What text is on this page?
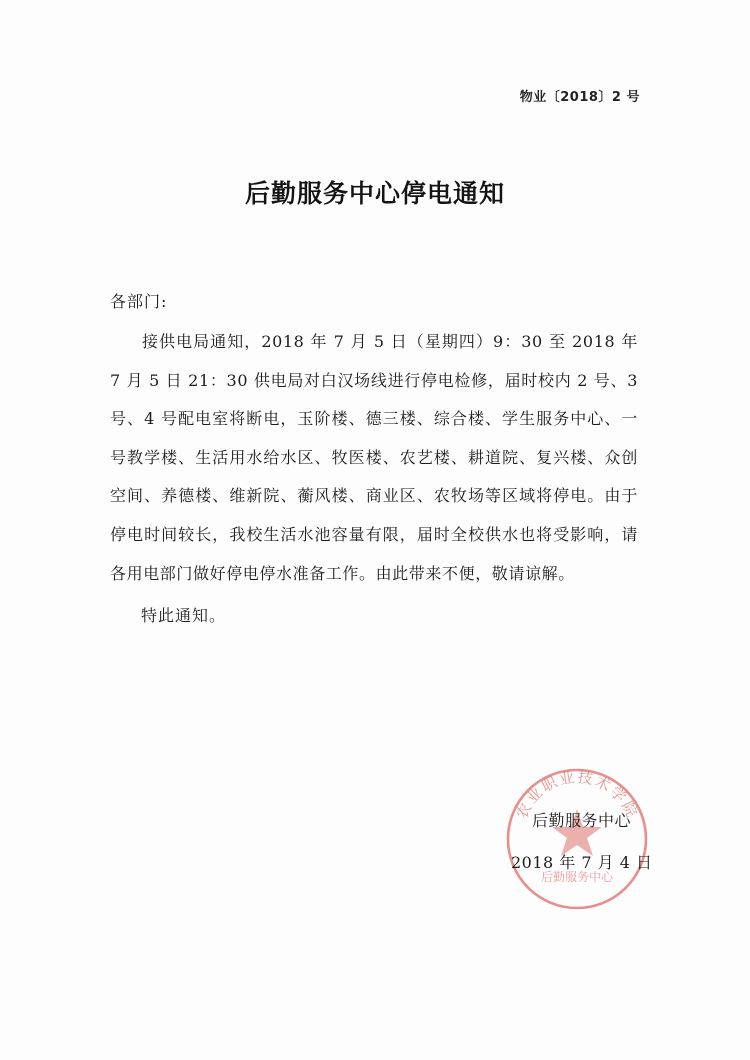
物业〔2018〕2 号
后勤服务中心停电通知
各部门:

接供电局通知，2018 年 7 月 5 日（星期四）9：30 至 2018 年 7 月 5 日 21：30 供电局对白汉场线进行停电检修，届时校内 2 号、3 号、4 号配电室将断电，玉阶楼、德三楼、综合楼、学生服务中心、一号教学楼、生活用水给水区、牧医楼、农艺楼、耕道院、复兴楼、众创空间、养德楼、维新院、蘅风楼、商业区、农牧场等区域将停电。由于停电时间较长，我校生活水池容量有限，届时全校供水也将受影响，请各用电部门做好停电停水准备工作。由此带来不便，敬请谅解。

特此通知。
农业职业技术学院
后勤服务中心
后勤服务中心
2018 年 7 月 4 日
